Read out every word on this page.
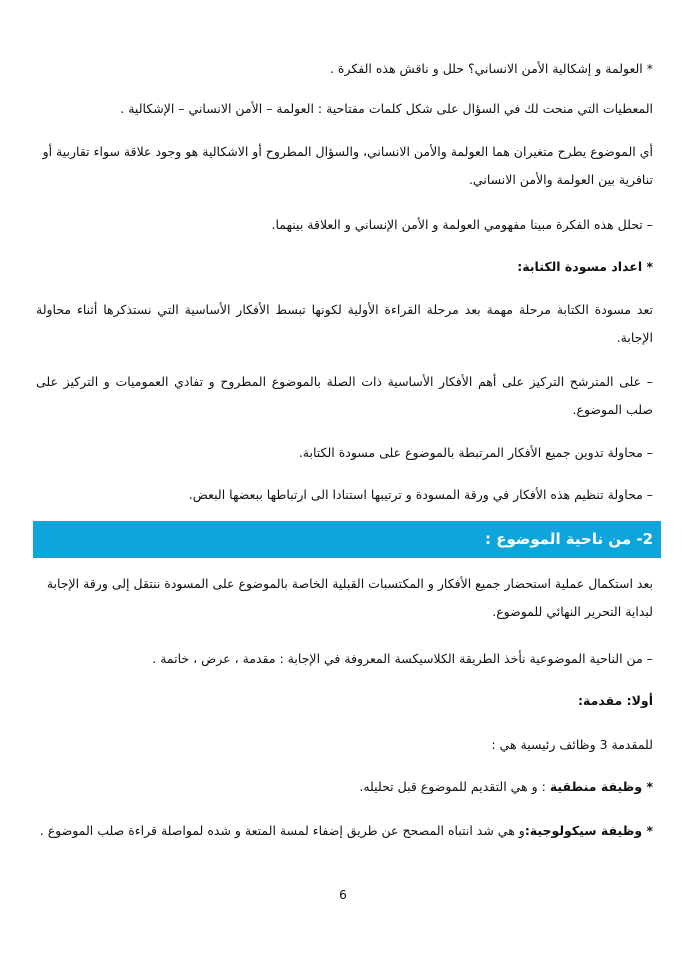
* العولمة و إشكالية الأمن الانساني؟ حلل و ناقش هذه الفكرة .
المعطيات التي منحت لك في السؤال على شكل كلمات مفتاحية : العولمة – الأمن الانساني – الإشكالية .
أي الموضوع يطرح متغيران هما العولمة والأمن الانساني، والسؤال المطروح أو الاشكالية هو وجود علاقة سواء تقاربية أو تنافرية بين العولمة والأمن الانساني.
– تحلل هذه الفكرة مبينا مفهومي العولمة و الأمن الإنساني و العلاقة بينهما.
* اعداد مسودة الكتابة:
تعد مسودة الكتابة مرحلة مهمة بعد مرحلة القراءة الأولية لكونها تبسط الأفكار الأساسية التي نستذكرها أثناء محاولة الإجابة.
– على المترشح التركيز على أهم الأفكار الأساسية ذات الصلة بالموضوع المطروح و تفادي العموميات و التركيز على صلب الموضوع.
– محاولة تدوين جميع الأفكار المرتبطة بالموضوع على مسودة الكتابة.
– محاولة تنظيم هذه الأفكار في ورقة المسودة و ترتيبها استنادا الى ارتباطها ببعضها البعض.
2- من ناحية الموضوع :
بعد استكمال عملية استحضار جميع الأفكار و المكتسبات القبلية الخاصة بالموضوع على المسودة ننتقل إلى ورقة الإجابة لبداية التحرير النهائي للموضوع.
– من الناحية الموضوعية نأخذ الطريقة الكلاسيكسة المعروفة في الإجابة : مقدمة ، عرض ، خاتمة .
أولا: مقدمة:
للمقدمة 3 وظائف رئيسية هي :
* وظيفة منطقية : و هي التقديم للموضوع قبل تحليله.
* وظيفة سيكولوجية:و هي شد انتباه المصحح عن طريق إضفاء لمسة المتعة و شده لمواصلة قراءة صلب الموضوع .
6
